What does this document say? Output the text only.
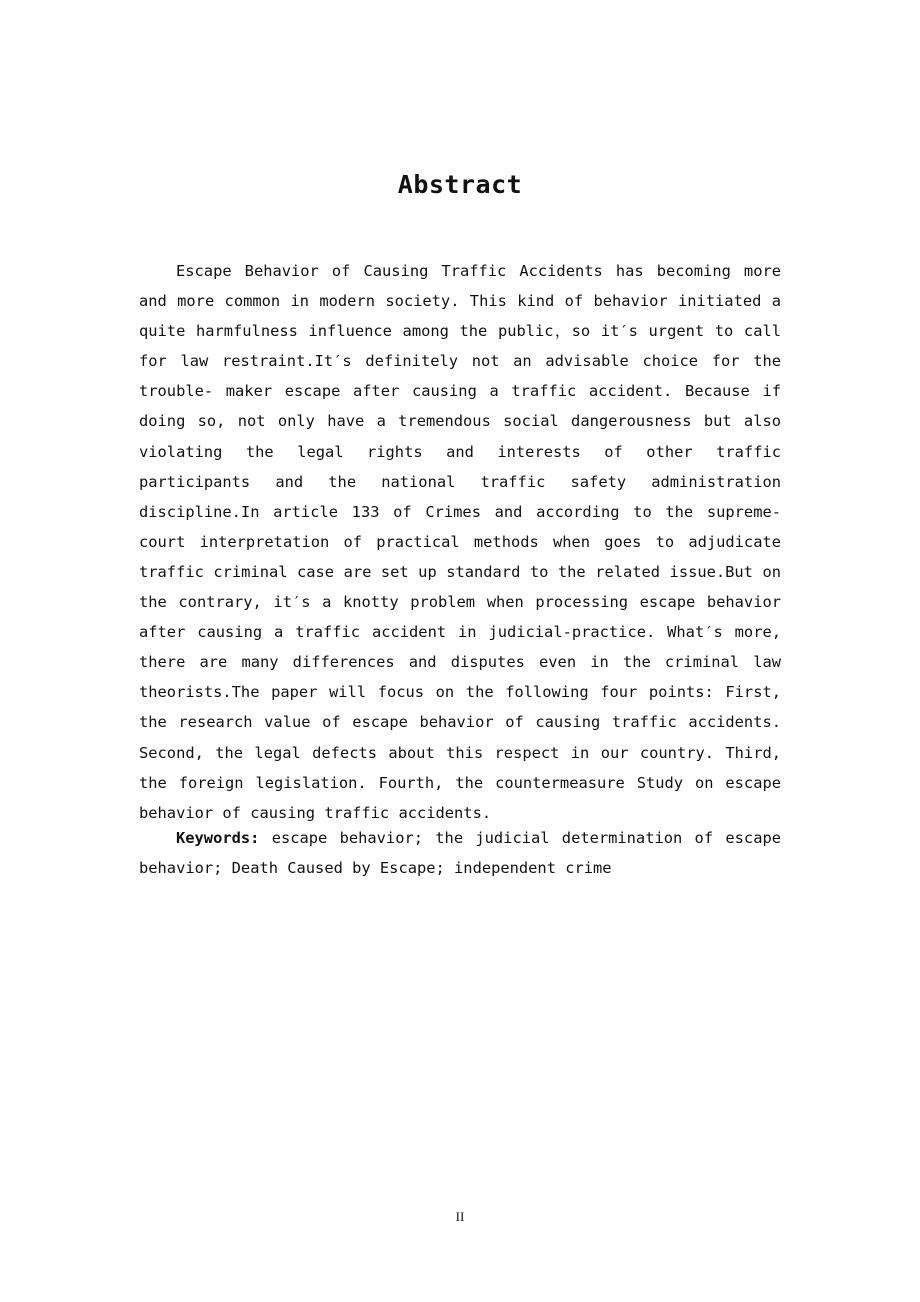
Abstract

Escape Behavior of Causing Traffic Accidents has becoming more and more common in modern society. This kind of behavior initiated a quite harmfulness influence among the public，so it′s urgent to call for law restraint.It′s definitely not an advisable choice for the trouble- maker escape after causing a traffic accident. Because if doing so, not only have a tremendous social dangerousness but also violating the legal rights and interests of other traffic participants and the national traffic safety administration discipline.In article 133 of Crimes and according to the supreme-court interpretation of practical methods when goes to adjudicate traffic criminal case are set up standard to the related issue.But on the contrary, it′s a knotty problem when processing escape behavior after causing a traffic accident in judicial-practice. What′s more, there are many differences and disputes even in the criminal law theorists.The paper will focus on the following four points: First, the research value of escape behavior of causing traffic accidents. Second, the legal defects about this respect in our country. Third, the foreign legislation. Fourth, the countermeasure Study on escape behavior of causing traffic accidents.

Keywords: escape behavior; the judicial determination of escape behavior; Death Caused by Escape; independent crime

II
